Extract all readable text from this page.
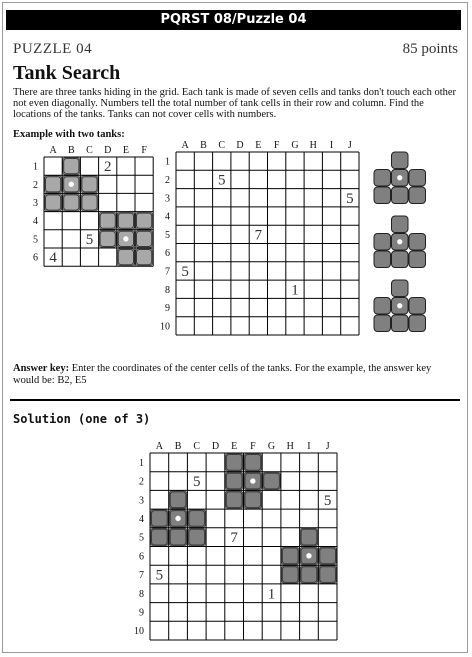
PQRST 08/Puzzle 04
PUZZLE 04	85 points
Tank Search
There are three tanks hiding in the grid. Each tank is made of seven cells and tanks don't touch each other not even diagonally. Numbers tell the total number of tank cells in their row and column. Find the locations of the tanks. Tanks can not cover cells with numbers.
Example with two tanks:
A B C D E F
1
2
3
4
5
6
2
5
4
A B C D E F G H I J
1
2
3
4
5
6
7
8
9
10
5
5
7
5
1
Answer key: Enter the coordinates of the center cells of the tanks. For the example, the answer key would be: B2, E5
Solution (one of 3)
A B C D E F G H I J
1
2
3
4
5
6
7
8
9
10
5
5
7
5
1
